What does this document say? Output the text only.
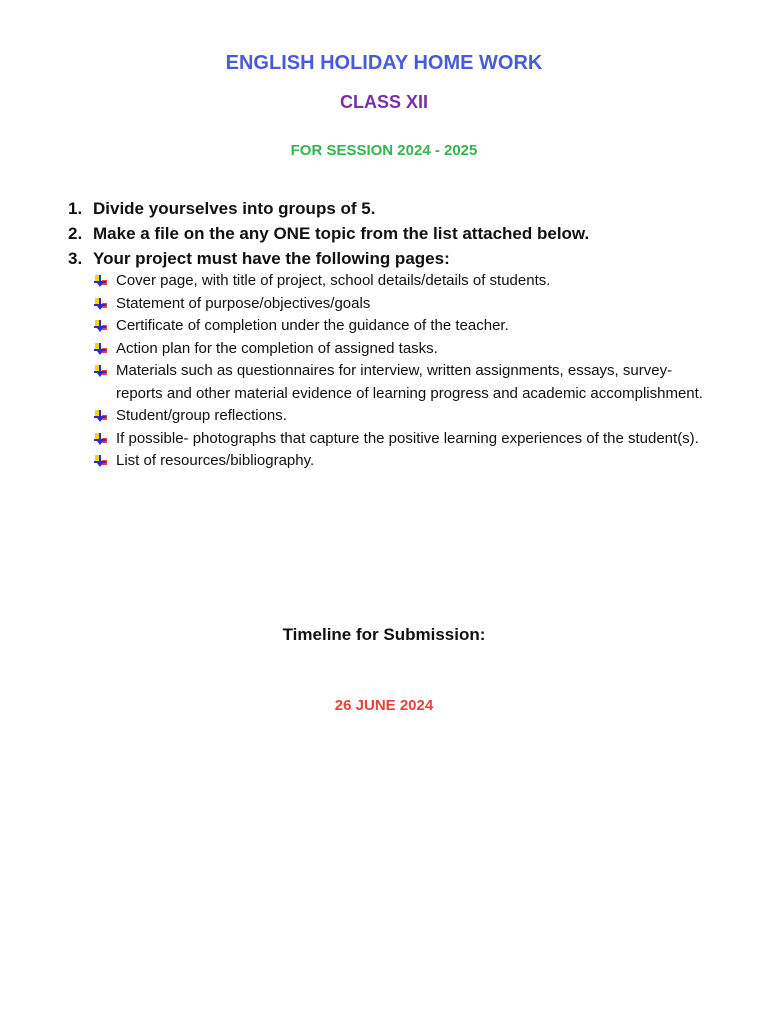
ENGLISH HOLIDAY HOME WORK
CLASS XII
FOR SESSION 2024 - 2025
1. Divide yourselves into groups of 5.
2. Make a file on the any ONE topic from the list attached below.
3. Your project must have the following pages:
Cover page, with title of project, school details/details of students.
Statement of purpose/objectives/goals
Certificate of completion under the guidance of the teacher.
Action plan for the completion of assigned tasks.
Materials such as questionnaires for interview, written assignments, essays, survey-reports and other material evidence of learning progress and academic accomplishment.
Student/group reflections.
If possible- photographs that capture the positive learning experiences of the student(s).
List of resources/bibliography.
Timeline for Submission:
26 JUNE 2024
